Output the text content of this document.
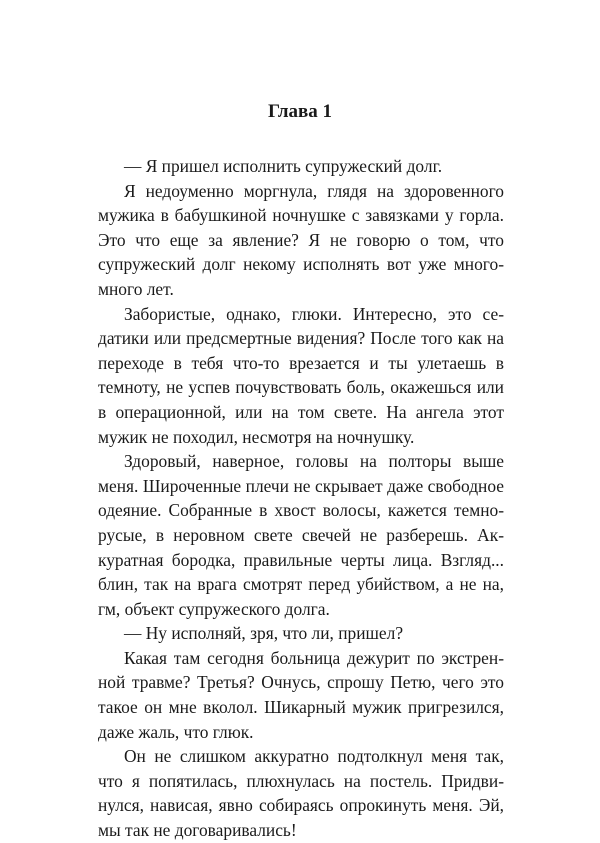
Глава 1

— Я пришел исполнить супружеский долг.

Я недоуменно моргнула, глядя на здоровенного мужика в бабушкиной ночнушке с завязками у горла. Это что еще за явление? Я не говорю о том, что супружеский долг некому исполнять вот уже много-много лет.

Забористые, однако, глюки. Интересно, это седатики или предсмертные видения? После того как на переходе в тебя что-то врезается и ты улетаешь в темноту, не успев почувствовать боль, окажешься или в операционной, или на том свете. На ангела этот мужик не походил, несмотря на ночнушку.

Здоровый, наверное, головы на полторы выше меня. Широченные плечи не скрывает даже свободное одеяние. Собранные в хвост волосы, кажется темно-русые, в неровном свете свечей не разберешь. Аккуратная бородка, правильные черты лица. Взгляд... блин, так на врага смотрят перед убийством, а не на, гм, объект супружеского долга.

— Ну исполняй, зря, что ли, пришел?

Какая там сегодня больница дежурит по экстренной травме? Третья? Очнусь, спрошу Петю, чего это такое он мне вколол. Шикарный мужик пригрезился, даже жаль, что глюк.

Он не слишком аккуратно подтолкнул меня так, что я попятилась, плюхнулась на постель. Придвинулся, нависая, явно собираясь опрокинуть меня. Эй, мы так не договаривались!
